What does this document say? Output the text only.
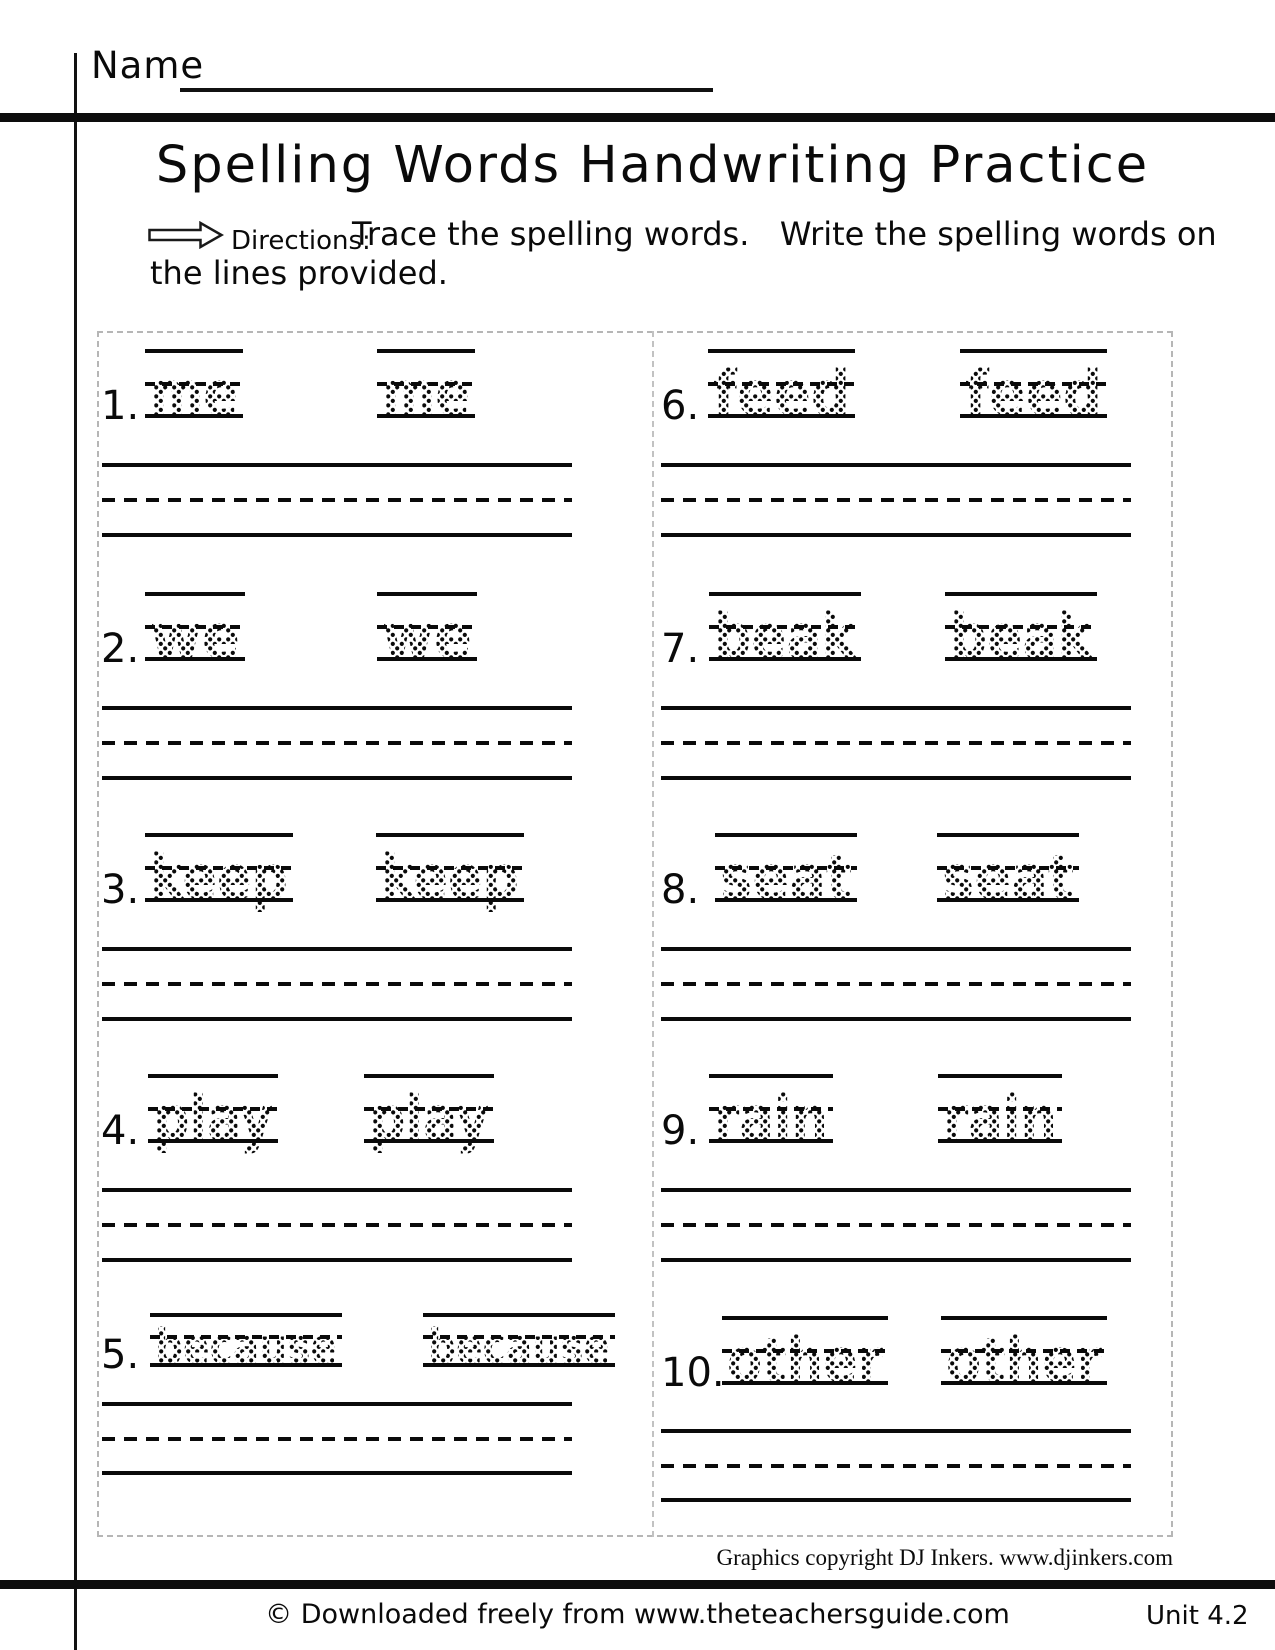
Name
Spelling Words Handwriting Practice
Directions:
Trace the spelling words.   Write the spelling words on
the lines provided.
1. me me
2. we we
3. keep keep
4. play play
5. because because
6. feed feed
7. beak beak
8. seat seat
9. rain rain
10. other other
Graphics copyright DJ Inkers. www.djinkers.com
© Downloaded freely from www.theteachersguide.com	Unit 4.2
